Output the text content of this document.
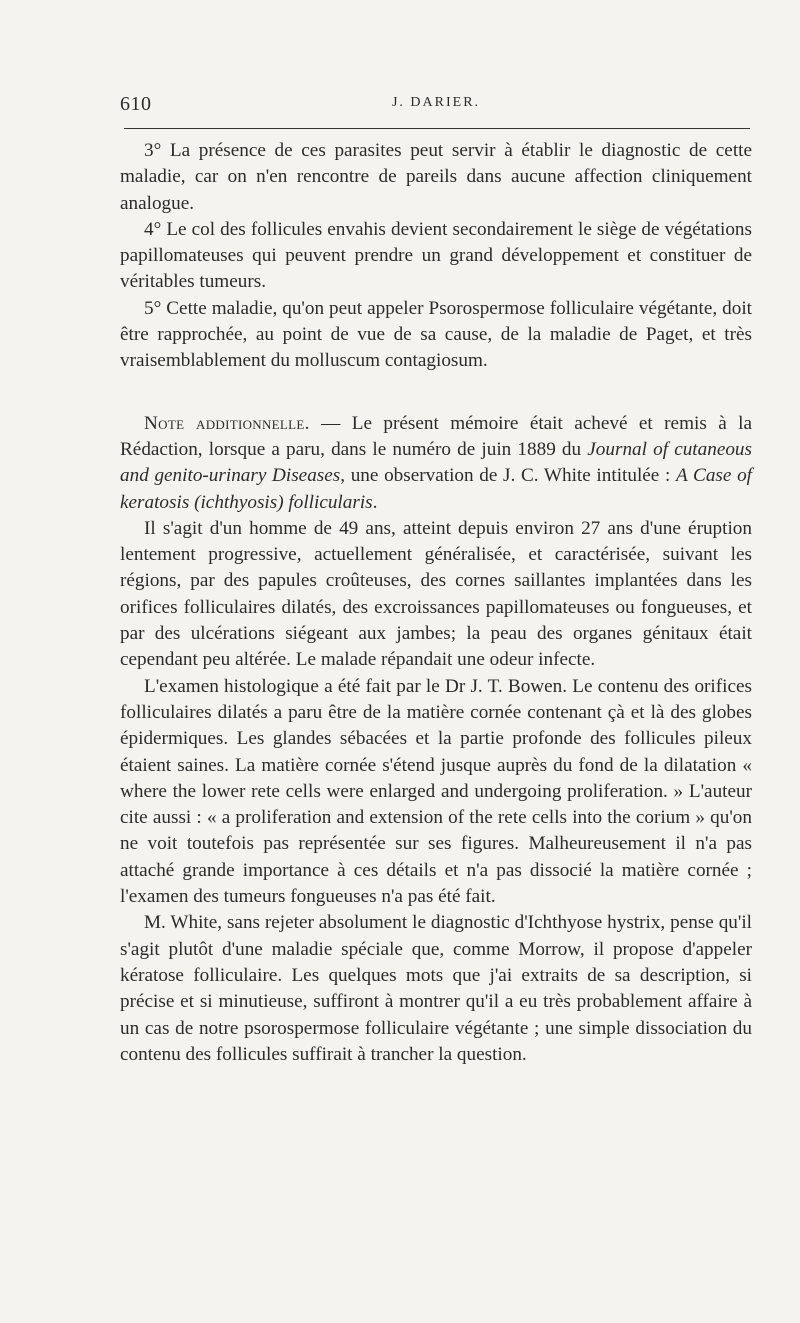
610	J. DARIER.

3° La présence de ces parasites peut servir à établir le diagnostic de cette maladie, car on n'en rencontre de pareils dans aucune affection cliniquement analogue.

4° Le col des follicules envahis devient secondairement le siège de végétations papillomateuses qui peuvent prendre un grand développement et constituer de véritables tumeurs.

5° Cette maladie, qu'on peut appeler Psorospermose folliculaire végétante, doit être rapprochée, au point de vue de sa cause, de la maladie de Paget, et très vraisemblablement du molluscum contagiosum.

Note additionnelle. — Le présent mémoire était achevé et remis à la Rédaction, lorsque a paru, dans le numéro de juin 1889 du Journal of cutaneous and genito-urinary Diseases, une observation de J. C. White intitulée : A Case of keratosis (ichthyosis) follicularis.

Il s'agit d'un homme de 49 ans, atteint depuis environ 27 ans d'une éruption lentement progressive, actuellement généralisée, et caractérisée, suivant les régions, par des papules croûteuses, des cornes saillantes implantées dans les orifices folliculaires dilatés, des excroissances papillomateuses ou fongueuses, et par des ulcérations siégeant aux jambes; la peau des organes génitaux était cependant peu altérée. Le malade répandait une odeur infecte.

L'examen histologique a été fait par le Dr J. T. Bowen. Le contenu des orifices folliculaires dilatés a paru être de la matière cornée contenant çà et là des globes épidermiques. Les glandes sébacées et la partie profonde des follicules pileux étaient saines. La matière cornée s'étend jusque auprès du fond de la dilatation « where the lower rete cells were enlarged and undergoing proliferation. » L'auteur cite aussi : « a proliferation and extension of the rete cells into the corium » qu'on ne voit toutefois pas représentée sur ses figures. Malheureusement il n'a pas attaché grande importance à ces détails et n'a pas dissocié la matière cornée ; l'examen des tumeurs fongueuses n'a pas été fait.

M. White, sans rejeter absolument le diagnostic d'Ichthyose hystrix, pense qu'il s'agit plutôt d'une maladie spéciale que, comme Morrow, il propose d'appeler kératose folliculaire. Les quelques mots que j'ai extraits de sa description, si précise et si minutieuse, suffiront à montrer qu'il a eu très probablement affaire à un cas de notre psorospermose folliculaire végétante ; une simple dissociation du contenu des follicules suffirait à trancher la question.
